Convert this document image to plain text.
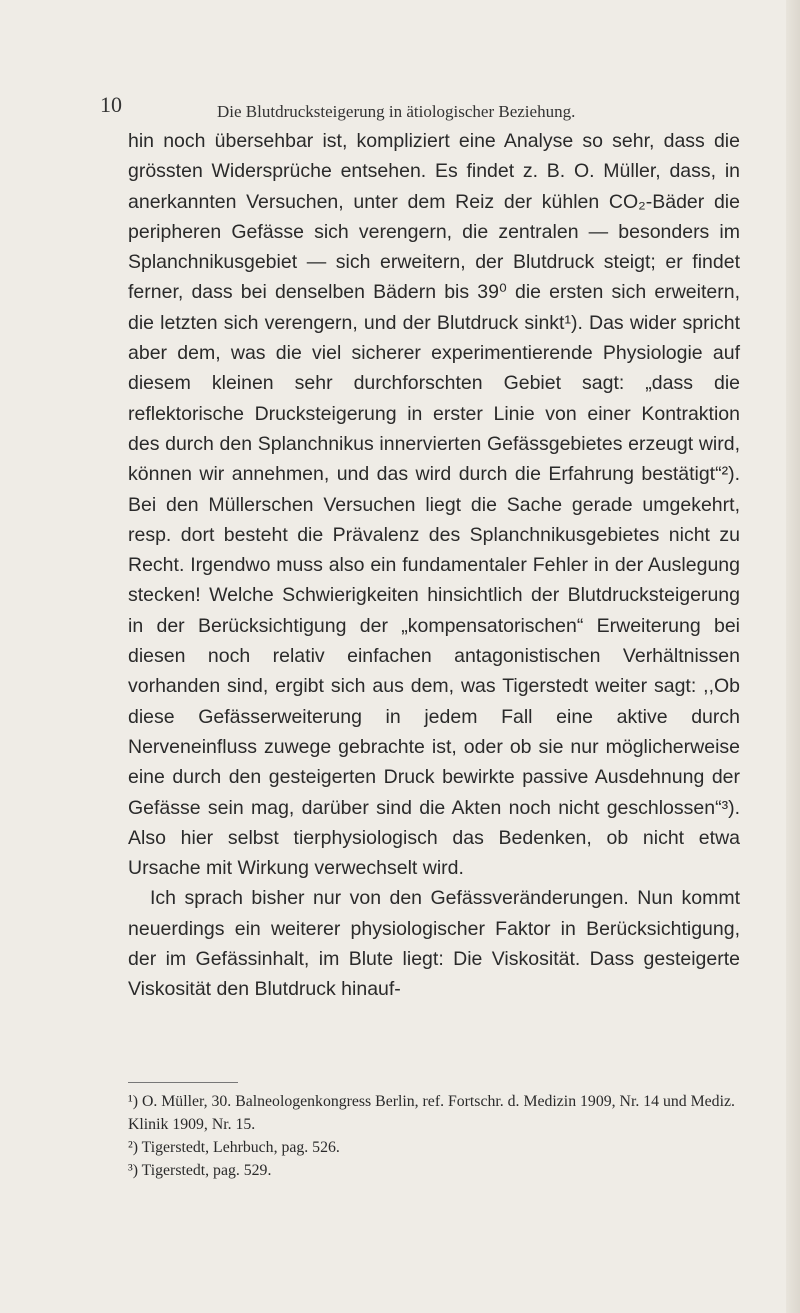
10	Die Blutdrucksteigerung in ätiologischer Beziehung.

hin noch übersehbar ist, kompliziert eine Analyse so sehr, dass die grössten Widersprüche entsehen. Es findet z. B. O. Müller, dass, in anerkannten Versuchen, unter dem Reiz der kühlen CO₂-Bäder die peripheren Gefässe sich verengern, die zentralen — besonders im Splanchnikusgebiet — sich erweitern, der Blutdruck steigt; er findet ferner, dass bei denselben Bädern bis 39⁰ die ersten sich erweitern, die letzten sich verengern, und der Blutdruck sinkt¹). Das wider spricht aber dem, was die viel sicherer experimentierende Physiologie auf diesem kleinen sehr durchforschten Gebiet sagt: „dass die reflektorische Drucksteigerung in erster Linie von einer Kontraktion des durch den Splanchnikus innervierten Gefässgebietes erzeugt wird, können wir annehmen, und das wird durch die Erfahrung bestätigt“²). Bei den Müllerschen Versuchen liegt die Sache gerade umgekehrt, resp. dort besteht die Prävalenz des Splanchnikusgebietes nicht zu Recht. Irgendwo muss also ein fundamentaler Fehler in der Auslegung stecken! Welche Schwierigkeiten hinsichtlich der Blutdrucksteigerung in der Berücksichtigung der „kompensatorischen“ Erweiterung bei diesen noch relativ einfachen antagonistischen Verhältnissen vorhanden sind, ergibt sich aus dem, was Tigerstedt weiter sagt: ,,Ob diese Gefässerweiterung in jedem Fall eine aktive durch Nerveneinfluss zuwege gebrachte ist, oder ob sie nur möglicherweise eine durch den gesteigerten Druck bewirkte passive Ausdehnung der Gefässe sein mag, darüber sind die Akten noch nicht geschlossen“³). Also hier selbst tierphysiologisch das Bedenken, ob nicht etwa Ursache mit Wirkung verwechselt wird.

Ich sprach bisher nur von den Gefässveränderungen. Nun kommt neuerdings ein weiterer physiologischer Faktor in Berücksichtigung, der im Gefässinhalt, im Blute liegt: Die Viskosität. Dass gesteigerte Viskosität den Blutdruck hinauf-

¹) O. Müller, 30. Balneologenkongress Berlin, ref. Fortschr. d. Medizin 1909, Nr. 14 und Mediz. Klinik 1909, Nr. 15.
²) Tigerstedt, Lehrbuch, pag. 526.
³) Tigerstedt, pag. 529.
